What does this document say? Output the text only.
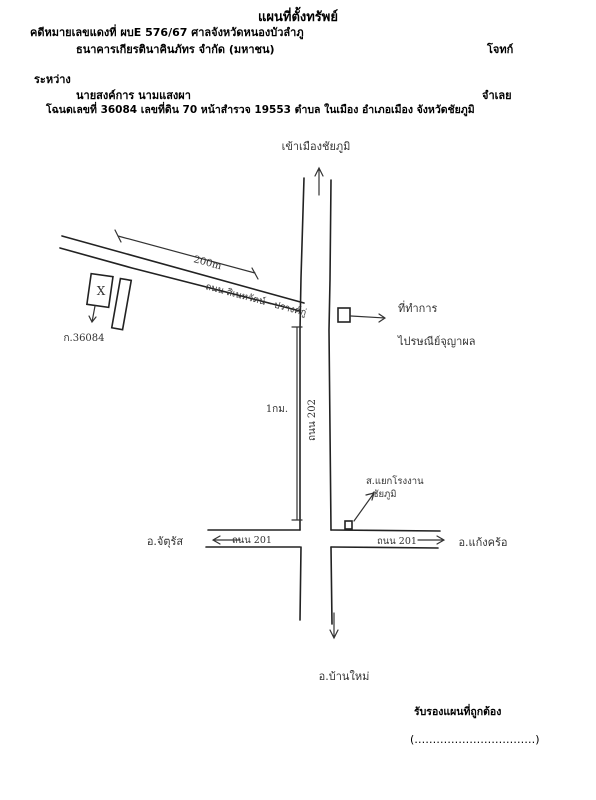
แผนที่ตั้งทรัพย์
คดีหมายเลขแดงที่ ผบE 576/67 ศาลจังหวัดหนองบัวลำภู
ธนาคารเกียรตินาคินภัทร จำกัด (มหาชน)	โจทก์
ระหว่าง
นายสงค์การ นามแสงผา	จำเลย
โฉนดเลขที่ 36084 เลขที่ดิน 70 หน้าสำรวจ 19553 ตำบล ในเมือง อำเภอเมือง จังหวัดชัยภูมิ
เข้าเมืองชัยภูมิ
ถนน สิเนหวัตน์ - ปรางค์กู่
200m
X
ก.36084
1กม. ถนน 202
ที่ทำการ
ไปรษณีย์จุญาผล
ส.แยกโรงงาน
ชัยภูมิ
ถนน 201	ถนน 201
อ.จัตุรัส	อ.แก้งคร้อ
อ.บ้านใหม่
รับรองแผนที่ถูกต้อง
(……………………………)
